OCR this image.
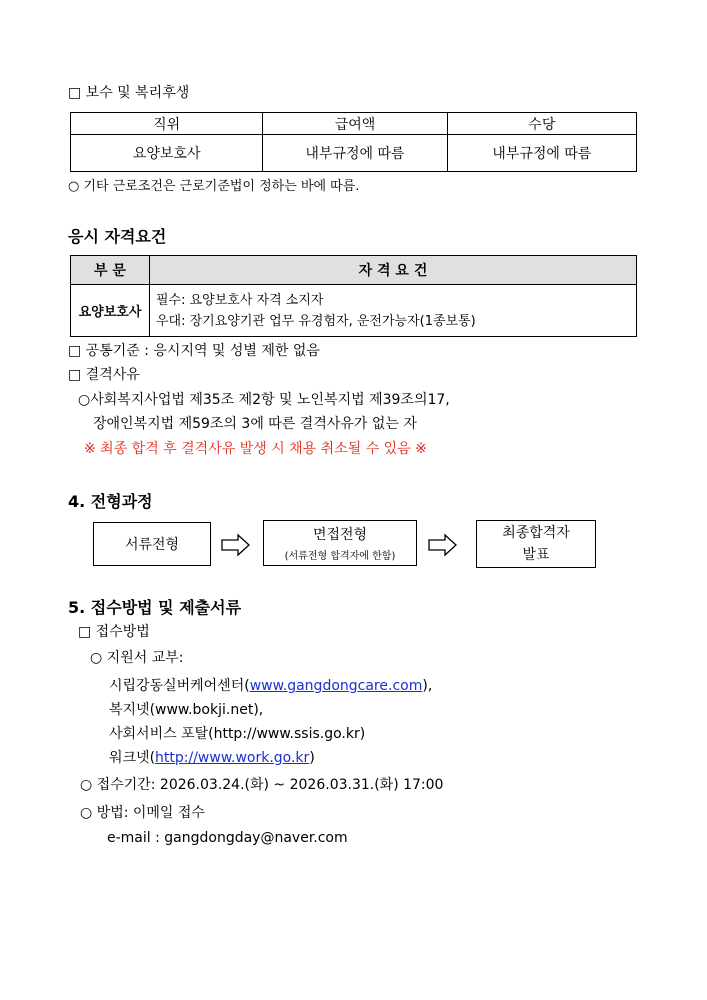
□ 보수 및 복리후생
직위	급여액	수당
요양보호사	내부규정에 따름	내부규정에 따름
○ 기타 근로조건은 근로기준법이 정하는 바에 따름.
응시 자격요건
부 문	자 격 요 건
요양보호사	필수: 요양보호사 자격 소지자
우대: 장기요양기관 업무 유경험자, 운전가능자(1종보통)
□ 공통기준 : 응시지역 및 성별 제한 없음
□ 결격사유
○사회복지사업법 제35조 제2항 및 노인복지법 제39조의17,
장애인복지법 제59조의 3에 따른 결격사유가 없는 자
※ 최종 합격 후 결격사유 발생 시 채용 취소될 수 있음 ※
4. 전형과정
서류전형
면접전형
(서류전형 합격자에 한함)
최종합격자
발표
5. 접수방법 및 제출서류
□ 접수방법
○ 지원서 교부:
시립강동실버케어센터(www.gangdongcare.com),
복지넷(www.bokji.net),
사회서비스 포탈(http://www.ssis.go.kr)
워크넷(http://www.work.go.kr)
○ 접수기간: 2026.03.24.(화) ~ 2026.03.31.(화) 17:00
○ 방법: 이메일 접수
e-mail : gangdongday@naver.com
